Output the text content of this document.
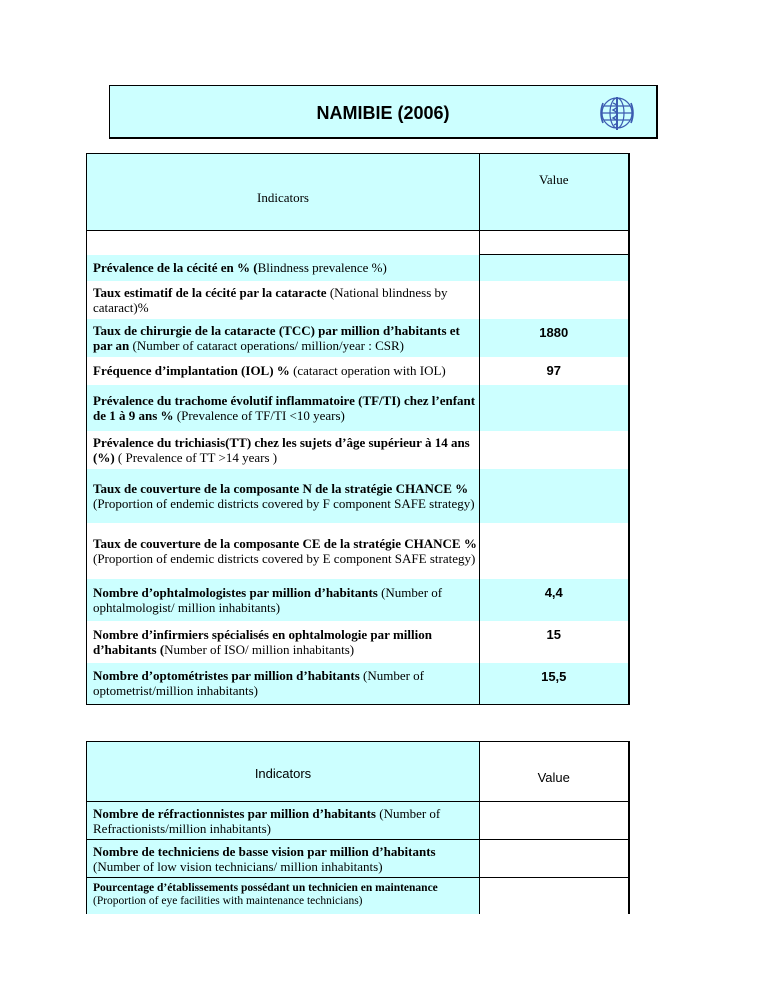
NAMIBIE (2006)
Indicators	Value

Prévalence de la cécité en % (Blindness prevalence %)	
Taux estimatif de la cécité par la cataracte (National blindness by cataract)%	
Taux de chirurgie de la cataracte (TCC) par million d’habitants et par an (Number of cataract operations/ million/year : CSR)	1880
Fréquence d’implantation (IOL) % (cataract operation with IOL)	97
Prévalence du trachome évolutif inflammatoire (TF/TI) chez l’enfant de 1 à 9 ans % (Prevalence of TF/TI <10 years)	
Prévalence du trichiasis(TT) chez les sujets d’âge supérieur à 14 ans (%) ( Prevalence of TT >14 years )	
Taux de couverture de la composante N de la stratégie CHANCE %(Proportion of endemic districts covered by F component SAFE strategy)	
Taux de couverture de la composante CE de la stratégie CHANCE %(Proportion of endemic districts covered by E component SAFE strategy)	
Nombre d’ophtalmologistes par million d’habitants (Number of ophtalmologist/ million inhabitants)	4,4
Nombre d’infirmiers spécialisés en ophtalmologie par million d’habitants (Number of ISO/ million inhabitants)	15
Nombre d’optométristes par million d’habitants (Number of optometrist/million inhabitants)	15,5
Indicators	Value
Nombre de réfractionnistes par million d’habitants (Number of Refractionists/million inhabitants)	
Nombre de techniciens de basse vision par million d’habitants (Number of low vision technicians/ million inhabitants)	
Pourcentage d’établissements possédant un technicien en maintenance (Proportion of eye facilities with maintenance technicians)	
